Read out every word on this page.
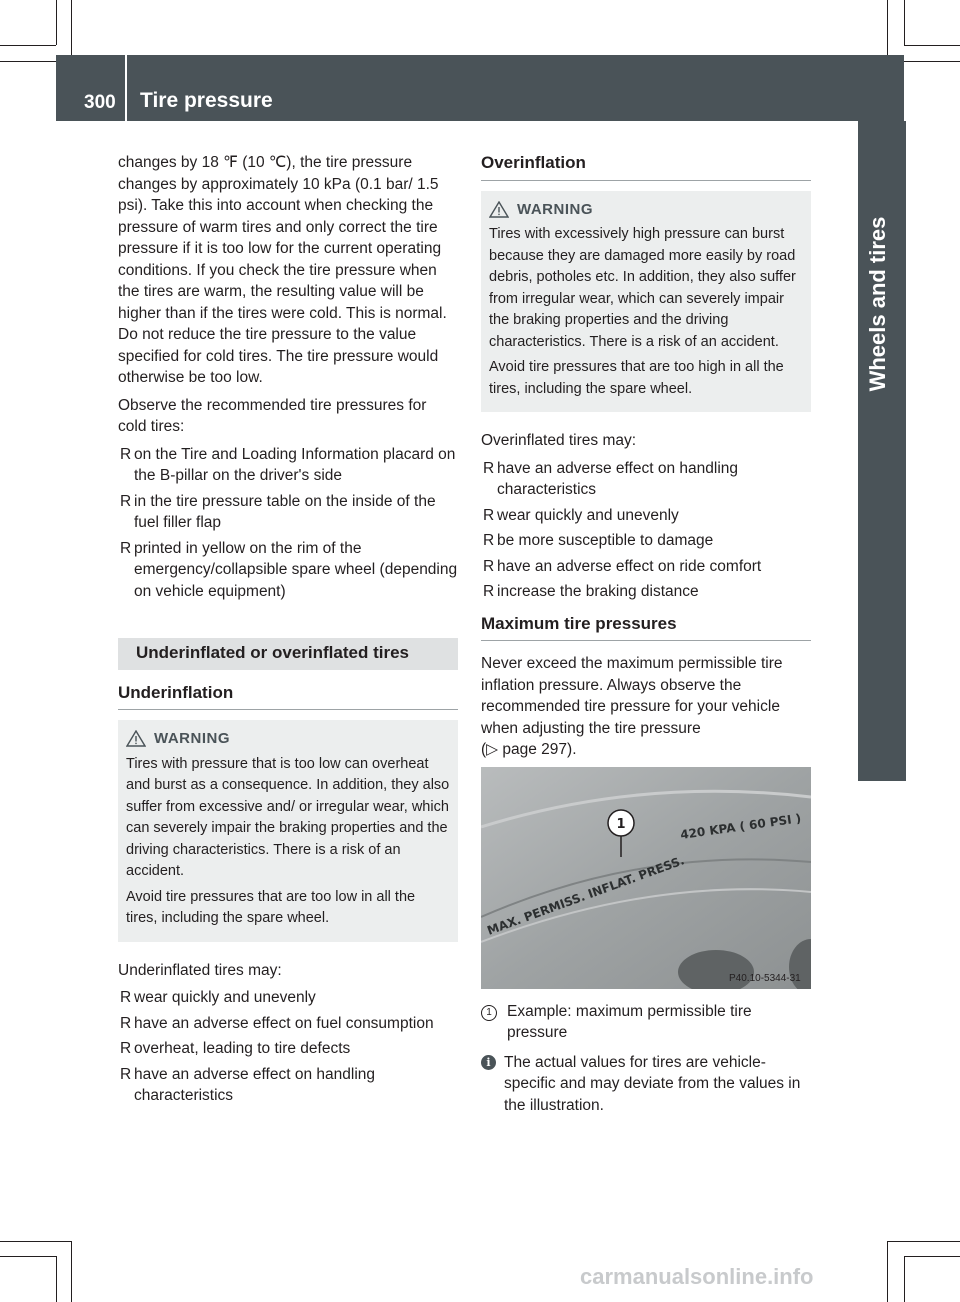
300 Tire pressure
Wheels and tires

changes by 18 ℉ (10 ℃), the tire pressure changes by approximately 10 kPa (0.1 bar/ 1.5 psi). Take this into account when checking the pressure of warm tires and only correct the tire pressure if it is too low for the current operating conditions. If you check the tire pressure when the tires are warm, the resulting value will be higher than if the tires were cold. This is normal. Do not reduce the tire pressure to the value specified for cold tires. The tire pressure would otherwise be too low.

Observe the recommended tire pressures for cold tires:

R on the Tire and Loading Information placard on the B-pillar on the driver's side
R in the tire pressure table on the inside of the fuel filler flap
R printed in yellow on the rim of the emergency/collapsible spare wheel (depending on vehicle equipment)
Underinflated or overinflated tires
Underinflation
WARNING

Tires with pressure that is too low can overheat and burst as a consequence. In addition, they also suffer from excessive and/ or irregular wear, which can severely impair the braking properties and the driving characteristics. There is a risk of an accident.

Avoid tire pressures that are too low in all the tires, including the spare wheel.

Underinflated tires may:

R wear quickly and unevenly
R have an adverse effect on fuel consumption
R overheat, leading to tire defects
R have an adverse effect on handling characteristics
Overinflation
WARNING

Tires with excessively high pressure can burst because they are damaged more easily by road debris, potholes etc. In addition, they also suffer from irregular wear, which can severely impair the braking properties and the driving characteristics. There is a risk of an accident.

Avoid tire pressures that are too high in all the tires, including the spare wheel.

Overinflated tires may:

R have an adverse effect on handling characteristics
R wear quickly and unevenly
R be more susceptible to damage
R have an adverse effect on ride comfort
R increase the braking distance
Maximum tire pressures

Never exceed the maximum permissible tire inflation pressure. Always observe the recommended tire pressure for your vehicle when adjusting the tire pressure
(▷ page 297).

MAX. PERMISS. INFLAT. PRESS.
420 KPA ( 60 PSI )
1
P40.10-5344-31
1 Example: maximum permissible tire pressure
i The actual values for tires are vehicle-specific and may deviate from the values in the illustration.
carmanualsonline.info
